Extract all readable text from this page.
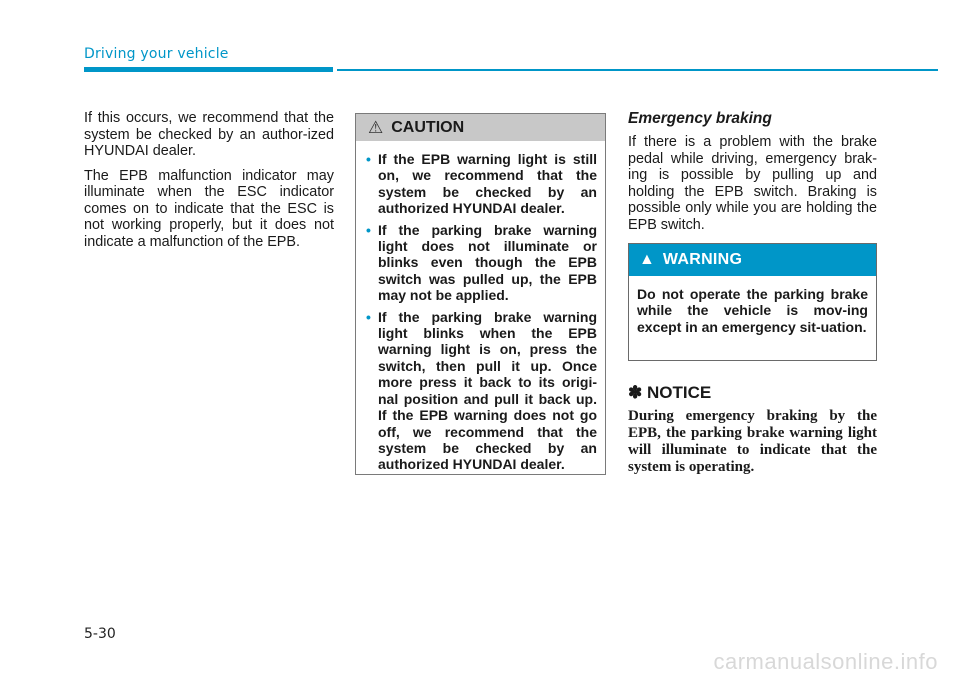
Driving your vehicle

If this occurs, we recommend that the system be checked by an author-ized HYUNDAI dealer.

The EPB malfunction indicator may illuminate when the ESC indicator comes on to indicate that the ESC is not working properly, but it does not indicate a malfunction of the EPB.

⚠ CAUTION
• If the EPB warning light is still on, we recommend that the system be checked by an authorized HYUNDAI dealer.
• If the parking brake warning light does not illuminate or blinks even though the EPB switch was pulled up, the EPB may not be applied.
• If the parking brake warning light blinks when the EPB warning light is on, press the switch, then pull it up. Once more press it back to its origi-nal position and pull it back up. If the EPB warning does not go off, we recommend that the system be checked by an authorized HYUNDAI dealer.
Emergency braking
If there is a problem with the brake pedal while driving, emergency brak-ing is possible by pulling up and holding the EPB switch. Braking is possible only while you are holding the EPB switch.
▲ WARNING
Do not operate the parking brake while the vehicle is mov-ing except in an emergency sit-uation.
✽ NOTICE
During emergency braking by the EPB, the parking brake warning light will illuminate to indicate that the system is operating.
5-30
carmanualsonline.info
